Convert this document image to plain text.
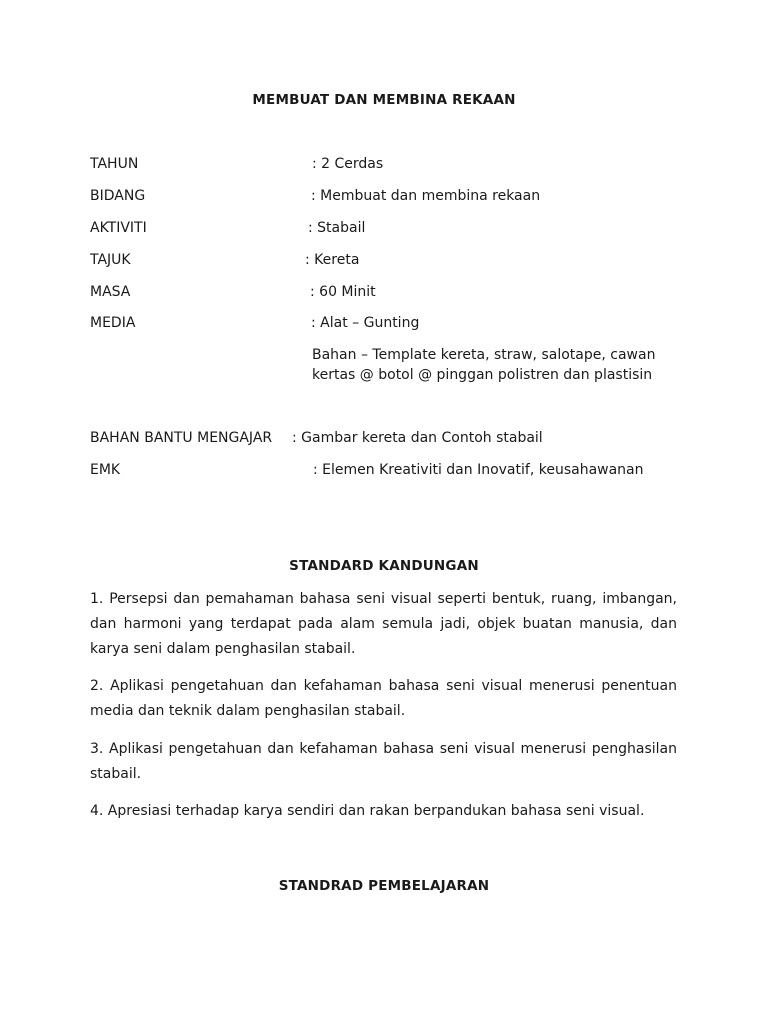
MEMBUAT DAN MEMBINA REKAAN
TAHUN	: 2 Cerdas
BIDANG	: Membuat dan membina rekaan
AKTIVITI	: Stabail
TAJUK	: Kereta
MASA	: 60 Minit
MEDIA	: Alat – Gunting
Bahan – Template kereta, straw, salotape, cawan
kertas @ botol @ pinggan polistren dan plastisin
BAHAN BANTU MENGAJAR : Gambar kereta dan Contoh stabail
EMK	: Elemen Kreativiti dan Inovatif, keusahawanan
STANDARD KANDUNGAN
1. Persepsi dan pemahaman bahasa seni visual seperti bentuk, ruang, imbangan, dan harmoni yang terdapat pada alam semula jadi, objek buatan manusia, dan karya seni dalam penghasilan stabail.
2. Aplikasi pengetahuan dan kefahaman bahasa seni visual menerusi penentuan media dan teknik dalam penghasilan stabail.
3. Aplikasi pengetahuan dan kefahaman bahasa seni visual menerusi penghasilan stabail.
4. Apresiasi terhadap karya sendiri dan rakan berpandukan bahasa seni visual.
STANDRAD PEMBELAJARAN
